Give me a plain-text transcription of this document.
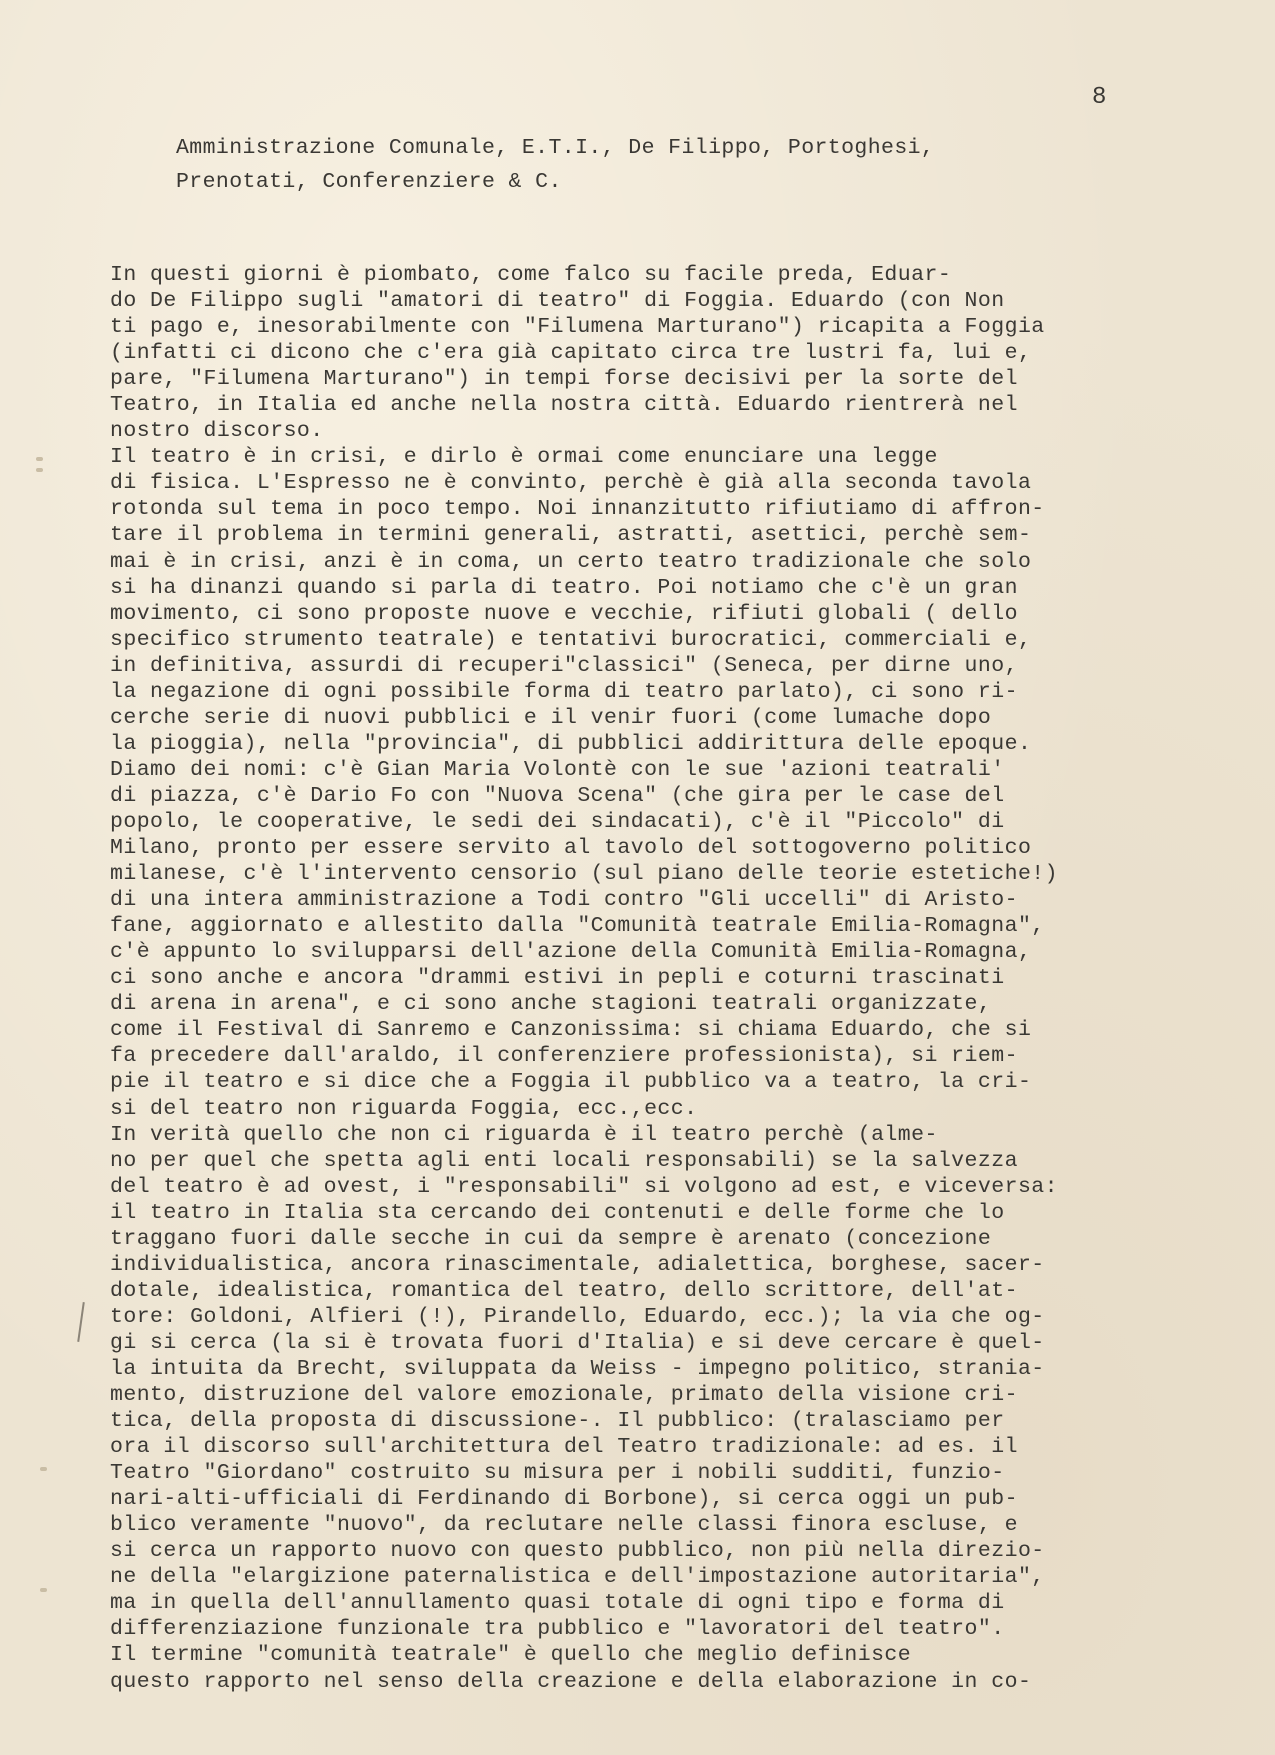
8
Amministrazione Comunale, E.T.I., De Filippo, Portoghesi,
Prenotati, Conferenziere & C.
In questi giorni è piombato, come falco su facile preda, Eduar-
do De Filippo sugli "amatori di teatro" di Foggia. Eduardo (con Non
ti pago e, inesorabilmente con "Filumena Marturano") ricapita a Foggia
(infatti ci dicono che c'era già capitato circa tre lustri fa, lui e,
pare, "Filumena Marturano") in tempi forse decisivi per la sorte del
Teatro, in Italia ed anche nella nostra città. Eduardo rientrerà nel
nostro discorso.
Il teatro è in crisi, e dirlo è ormai come enunciare una legge
di fisica. L'Espresso ne è convinto, perchè è già alla seconda tavola
rotonda sul tema in poco tempo. Noi innanzitutto rifiutiamo di affron-
tare il problema in termini generali, astratti, asettici, perchè sem-
mai è in crisi, anzi è in coma, un certo teatro tradizionale che solo
si ha dinanzi quando si parla di teatro. Poi notiamo che c'è un gran
movimento, ci sono proposte nuove e vecchie, rifiuti globali ( dello
specifico strumento teatrale) e tentativi burocratici, commerciali e,
in definitiva, assurdi di recuperi"classici" (Seneca, per dirne uno,
la negazione di ogni possibile forma di teatro parlato), ci sono ri-
cerche serie di nuovi pubblici e il venir fuori (come lumache dopo
la pioggia), nella "provincia", di pubblici addirittura delle epoque.
Diamo dei nomi: c'è Gian Maria Volontè con le sue 'azioni teatrali'
di piazza, c'è Dario Fo con "Nuova Scena" (che gira per le case del
popolo, le cooperative, le sedi dei sindacati), c'è il "Piccolo" di
Milano, pronto per essere servito al tavolo del sottogoverno politico
milanese, c'è l'intervento censorio (sul piano delle teorie estetiche!)
di una intera amministrazione a Todi contro "Gli uccelli" di Aristo-
fane, aggiornato e allestito dalla "Comunità teatrale Emilia-Romagna",
c'è appunto lo svilupparsi dell'azione della Comunità Emilia-Romagna,
ci sono anche e ancora "drammi estivi in pepli e coturni trascinati
di arena in arena", e ci sono anche stagioni teatrali organizzate,
come il Festival di Sanremo e Canzonissima: si chiama Eduardo, che si
fa precedere dall'araldo, il conferenziere professionista), si riem-
pie il teatro e si dice che a Foggia il pubblico va a teatro, la cri-
si del teatro non riguarda Foggia, ecc.,ecc.
In verità quello che non ci riguarda è il teatro perchè (alme-
no per quel che spetta agli enti locali responsabili) se la salvezza
del teatro è ad ovest, i "responsabili" si volgono ad est, e viceversa:
il teatro in Italia sta cercando dei contenuti e delle forme che lo
traggano fuori dalle secche in cui da sempre è arenato (concezione
individualistica, ancora rinascimentale, adialettica, borghese, sacer-
dotale, idealistica, romantica del teatro, dello scrittore, dell'at-
tore: Goldoni, Alfieri (!), Pirandello, Eduardo, ecc.); la via che og-
gi si cerca (la si è trovata fuori d'Italia) e si deve cercare è quel-
la intuita da Brecht, sviluppata da Weiss - impegno politico, strania-
mento, distruzione del valore emozionale, primato della visione cri-
tica, della proposta di discussione-. Il pubblico: (tralasciamo per
ora il discorso sull'architettura del Teatro tradizionale: ad es. il
Teatro "Giordano" costruito su misura per i nobili sudditi, funzio-
nari-alti-ufficiali di Ferdinando di Borbone), si cerca oggi un pub-
blico veramente "nuovo", da reclutare nelle classi finora escluse, e
si cerca un rapporto nuovo con questo pubblico, non più nella direzio-
ne della "elargizione paternalistica e dell'impostazione autoritaria",
ma in quella dell'annullamento quasi totale di ogni tipo e forma di
differenziazione funzionale tra pubblico e "lavoratori del teatro".
Il termine "comunità teatrale" è quello che meglio definisce
questo rapporto nel senso della creazione e della elaborazione in co-
